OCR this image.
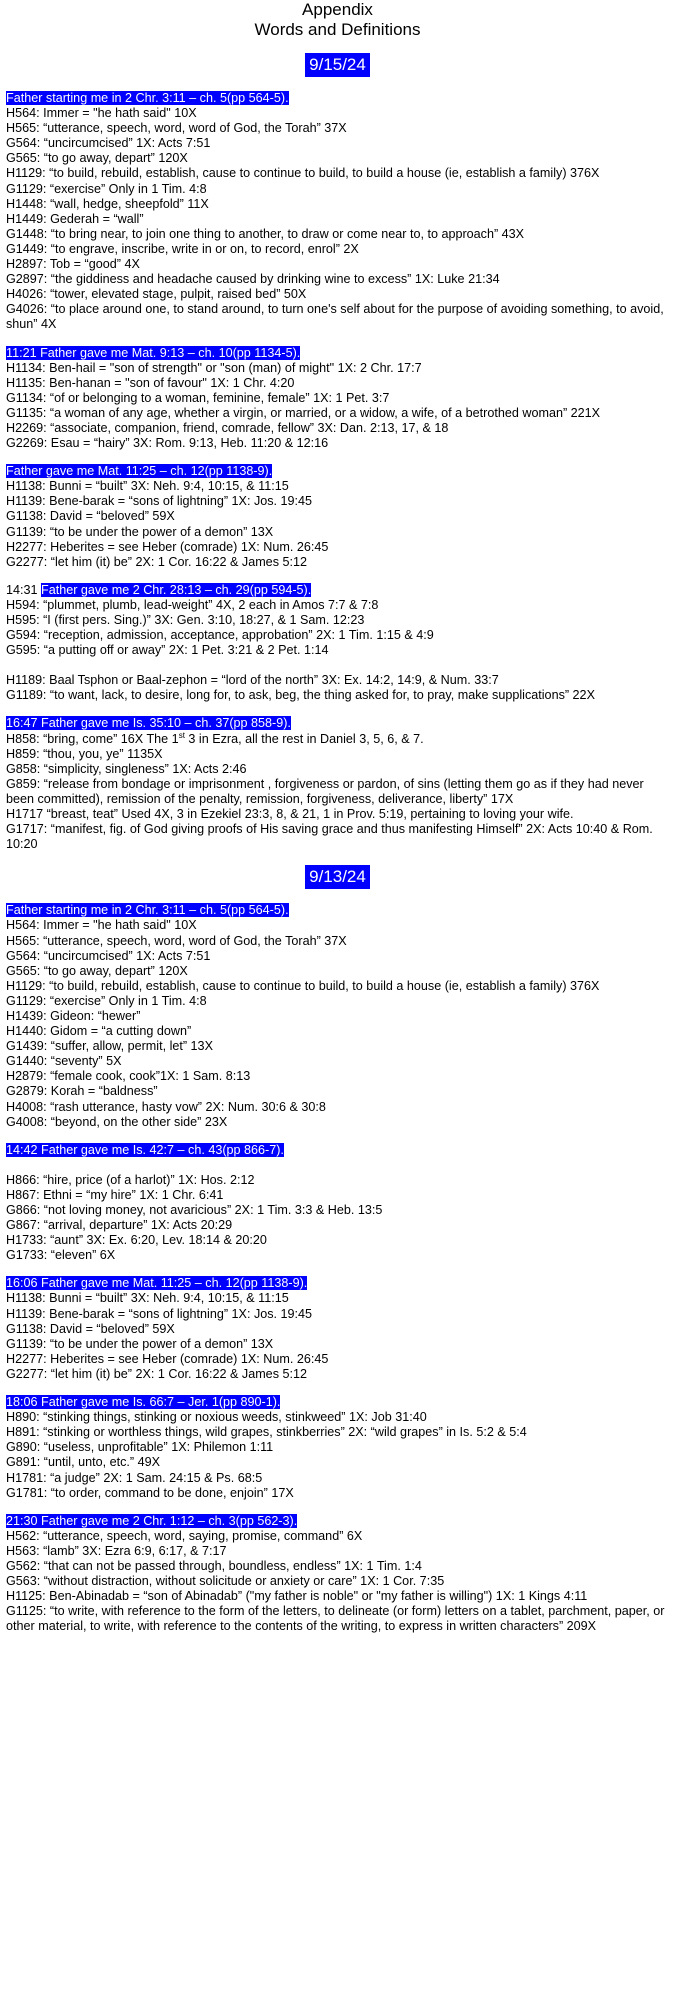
Appendix

Words and Definitions

9/15/24
Father starting me in 2 Chr. 3:11 – ch. 5(pp 564-5).
H564: Immer = "he hath said" 10X
H565: “utterance, speech, word, word of God, the Torah” 37X
G564: “uncircumcised” 1X: Acts 7:51
G565: “to go away, depart” 120X
H1129: “to build, rebuild, establish, cause to continue to build, to build a house (ie, establish a family) 376X
G1129: “exercise” Only in 1 Tim. 4:8
H1448: “wall, hedge, sheepfold” 11X
H1449: Gederah = “wall”
G1448: “to bring near, to join one thing to another, to draw or come near to, to approach” 43X
G1449: “to engrave, inscribe, write in or on, to record, enrol” 2X
H2897: Tob = “good” 4X
G2897: “the giddiness and headache caused by drinking wine to excess” 1X: Luke 21:34
H4026: “tower, elevated stage, pulpit, raised bed” 50X
G4026: “to place around one, to stand around, to turn one's self about for the purpose of avoiding something, to avoid, shun” 4X
11:21 Father gave me Mat. 9:13 – ch. 10(pp 1134-5).
H1134: Ben-hail = "son of strength" or "son (man) of might" 1X: 2 Chr. 17:7
H1135: Ben-hanan = "son of favour" 1X: 1 Chr. 4:20
G1134: “of or belonging to a woman, feminine, female” 1X: 1 Pet. 3:7
G1135: “a woman of any age, whether a virgin, or married, or a widow, a wife, of a betrothed woman” 221X
H2269: “associate, companion, friend, comrade, fellow” 3X: Dan. 2:13, 17, & 18
G2269: Esau = “hairy” 3X: Rom. 9:13, Heb. 11:20 & 12:16
Father gave me Mat. 11:25 – ch. 12(pp 1138-9).
H1138: Bunni = “built” 3X: Neh. 9:4, 10:15, & 11:15
H1139: Bene-barak = “sons of lightning” 1X: Jos. 19:45
G1138: David = “beloved” 59X
G1139: “to be under the power of a demon” 13X
H2277: Heberites = see Heber (comrade) 1X: Num. 26:45
G2277: “let him (it) be” 2X: 1 Cor. 16:22 & James 5:12
14:31 Father gave me 2 Chr. 28:13 – ch. 29(pp 594-5).
H594: “plummet, plumb, lead-weight” 4X, 2 each in Amos 7:7 & 7:8
H595: “I (first pers. Sing.)” 3X: Gen. 3:10, 18:27, & 1 Sam. 12:23
G594: “reception, admission, acceptance, approbation” 2X: 1 Tim. 1:15 & 4:9
G595: “a putting off or away” 2X: 1 Pet. 3:21 & 2 Pet. 1:14
H1189: Baal Tsphon or Baal-zephon = “lord of the north” 3X: Ex. 14:2, 14:9, & Num. 33:7
G1189: “to want, lack, to desire, long for, to ask, beg, the thing asked for, to pray, make supplications” 22X
16:47 Father gave me Is. 35:10 – ch. 37(pp 858-9).
H858: “bring, come” 16X The 1st 3 in Ezra, all the rest in Daniel 3, 5, 6, & 7.
H859: “thou, you, ye” 1135X
G858: “simplicity, singleness” 1X: Acts 2:46
G859: “release from bondage or imprisonment , forgiveness or pardon, of sins (letting them go as if they had never been committed), remission of the penalty, remission, forgiveness, deliverance, liberty” 17X
H1717 “breast, teat” Used 4X, 3 in Ezekiel 23:3, 8, & 21, 1 in Prov. 5:19, pertaining to loving your wife.
G1717: “manifest, fig. of God giving proofs of His saving grace and thus manifesting Himself” 2X: Acts 10:40 & Rom. 10:20
9/13/24
Father starting me in 2 Chr. 3:11 – ch. 5(pp 564-5).
H564: Immer = "he hath said" 10X
H565: “utterance, speech, word, word of God, the Torah” 37X
G564: “uncircumcised” 1X: Acts 7:51
G565: “to go away, depart” 120X
H1129: “to build, rebuild, establish, cause to continue to build, to build a house (ie, establish a family) 376X
G1129: “exercise” Only in 1 Tim. 4:8
H1439: Gideon: “hewer”
H1440: Gidom = “a cutting down”
G1439: “suffer, allow, permit, let” 13X
G1440: “seventy” 5X
H2879: “female cook, cook”1X: 1 Sam. 8:13
G2879: Korah = “baldness”
H4008: “rash utterance, hasty vow” 2X: Num. 30:6 & 30:8
G4008: “beyond, on the other side” 23X
14:42 Father gave me Is. 42:7 – ch. 43(pp 866-7).
H866: “hire, price (of a harlot)” 1X: Hos. 2:12
H867: Ethni = “my hire” 1X: 1 Chr. 6:41
G866: “not loving money, not avaricious” 2X: 1 Tim. 3:3 & Heb. 13:5
G867: “arrival, departure” 1X: Acts 20:29
H1733: “aunt” 3X: Ex. 6:20, Lev. 18:14 & 20:20
G1733: “eleven” 6X
16:06 Father gave me Mat. 11:25 – ch. 12(pp 1138-9).
H1138: Bunni = “built” 3X: Neh. 9:4, 10:15, & 11:15
H1139: Bene-barak = “sons of lightning” 1X: Jos. 19:45
G1138: David = “beloved” 59X
G1139: “to be under the power of a demon” 13X
H2277: Heberites = see Heber (comrade) 1X: Num. 26:45
G2277: “let him (it) be” 2X: 1 Cor. 16:22 & James 5:12
18:06 Father gave me Is. 66:7 – Jer. 1(pp 890-1).
H890: “stinking things, stinking or noxious weeds, stinkweed” 1X: Job 31:40
H891: “stinking or worthless things, wild grapes, stinkberries” 2X: “wild grapes” in Is. 5:2 & 5:4
G890: “useless, unprofitable” 1X: Philemon 1:11
G891: “until, unto, etc.” 49X
H1781: “a judge” 2X: 1 Sam. 24:15 & Ps. 68:5
G1781: “to order, command to be done, enjoin” 17X
21:30 Father gave me 2 Chr. 1:12 – ch. 3(pp 562-3).
H562: “utterance, speech, word, saying, promise, command” 6X
H563: “lamb” 3X: Ezra 6:9, 6:17, & 7:17
G562: “that can not be passed through, boundless, endless” 1X: 1 Tim. 1:4
G563: “without distraction, without solicitude or anxiety or care” 1X: 1 Cor. 7:35
H1125: Ben-Abinadab = “son of Abinadab” ("my father is noble" or "my father is willing") 1X: 1 Kings 4:11
G1125: “to write, with reference to the form of the letters, to delineate (or form) letters on a tablet, parchment, paper, or other material, to write, with reference to the contents of the writing, to express in written characters” 209X
